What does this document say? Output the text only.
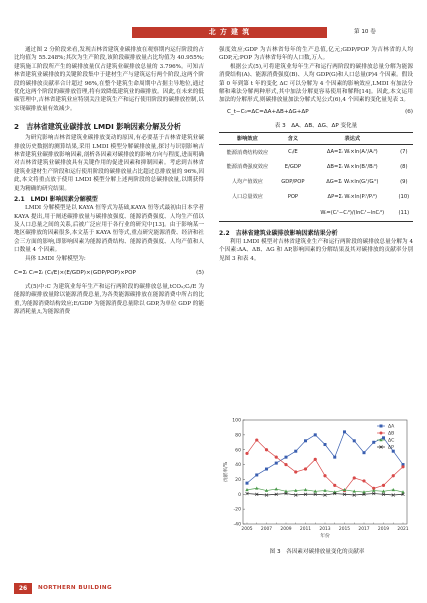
北 方 建 筑	第 10 卷
通过图 2 分阶段来看,发现吉林省建筑业碳排放在观察期内运行阶段的占比均值为 55.248%;其次为生产阶段,该阶段碳排放量占比均值为 40.955%;建筑施工阶段所产生的碳排放量仅占建筑业碳排放总量的 3.796%。可知吉林省建筑业碳排放的关键阶段集中于建材生产与建筑运行两个阶段,这两个阶段的碳排放贡献率合计超过 96%,在整个建筑生命周期中占据主导地位,通过优化这两个阶段的碳排放管理,将有效降低建筑业的碳排放。因此,在未来的低碳管理中,吉林省建筑业应特别关注建筑生产和运行使用阶段的碳排放控制,以实现碳排放量有效减少。
2　吉林省建筑业碳排放 LMDI 影响因素分解及分析
为研究影响吉林省建筑业碳排放变动的原因,有必要基于吉林省建筑业碳排放历史数据的测算结果,采用 LMDI 模型分解碳排放量,探讨与识别影响吉林省建筑业碳排放影响因素,剖析各因素对碳排放的影响方向与程度,进而明确对吉林省建筑业碳排放具有关键作用的促进因素和抑制因素。考虑到吉林省建筑业建材生产阶段和运行使用阶段的碳排放量占比超过总排放量的 96%,因此,本文将重点放于使用 LMDI 模型分解上述两阶段的总碳排放量,以期获得更为精确的研究结果。
2.1　LMDI 影响因素分解模型
LMDI 分解模型是以 KAYA 恒等式为基础,KAYA 恒等式最初由日本学者 KAYA 提出,用于阐述碳排放量与碳排放强度、能源消费强度、人均生产值以及人口总量之间的关系,后被广泛应用于各行业的研究中[13]。由于影响某一地区碳排放的因素很多,本文基于 KAYA 恒等式,重点研究能源消费、经济和社会三方面的影响,即影响因素为能源消费结构、能源消费强度、人均产值和人口数量 4 个因素。
具体 LMDI 分解模型为:
C=Σᵢ Cᵢ=Σᵢ (Cᵢ/E)×(E/GDP)×(GDP/POP)×POP	(5)
式(5)中:C 为建筑业每年生产和运行两阶段的碳排放总量,tCO₂;Cᵢ/E 为能源的碳排放量除以能源消费总量,为各类能源碳排放在能源消费中所占的比重,为能源消费结构效应;E/GDP 为能源消费总量除以 GDP,为单位 GDP 的能源消耗量,t,为能源消费
26	NORTHERN BUILDING
强度效应;GDP 为吉林省每年的生产总值,亿元;GDP/POP 为吉林省的人均 GDP,元;POP 为吉林省每年的人口数,万人。
根据公式(5),可将建筑业每年生产和运行两阶段的碳排放总量分解为能源消费结构(A)、能源消费强度(B)、人均 GDP(G)和人口总量(P)4 个因素。假设第 0 年到第 t 年的变化 ΔC 可以分解为 4 个因素的影响效应,LMDI 有加法分解和乘法分解两种形式,其中加法分解更容易使用和解释[14]。因此,本文运用加法的分解形式,则碳排放量加法分解式见公式(6),4 个因素的变化量见表 3。
C_t−C₀=ΔC=ΔA+ΔB+ΔG+ΔP	(6)
表 3　ΔA、ΔB、ΔG、ΔP 变化量
影响效应	含义	表达式	
能源消费结构效应	Cᵢ/E	ΔA=Σᵢ Wᵢ×ln(Aᵢᵗ/Aᵢ⁰)	(7)
能源消费强度效应	E/GDP	ΔB=Σᵢ Wᵢ×ln(Bᵢᵗ/Bᵢ⁰)	(8)
人均产值效应	GDP/POP	ΔG=Σᵢ Wᵢ×ln(Gᵢᵗ/Gᵢ⁰)	(9)
人口总量效应	POP	ΔP=Σᵢ Wᵢ×ln(Pᵢᵗ/Pᵢ⁰)	(10)
		Wᵢ=(Cᵢᵗ−Cᵢ⁰)/(lnCᵢᵗ−lnCᵢ⁰)	(11)
2.2　吉林省建筑业碳排放影响因素结果分析
利用 LMDI 模型对吉林省建筑业生产和运行两阶段的碳排放总量分解为 4 个因素:ΔA、ΔB、ΔG 和 ΔP,影响因素的分解结果及其对碳排放的贡献率分别见图 3 和表 4。
-40
-20
0
20
40
60
80
100
2005 2007 2009 2011 2013 2015 2017 2019 2021
贡献率/%
年份
ΔA
ΔB
ΔC
ΔP
图 3　各因素对碳排放量变化的贡献率
